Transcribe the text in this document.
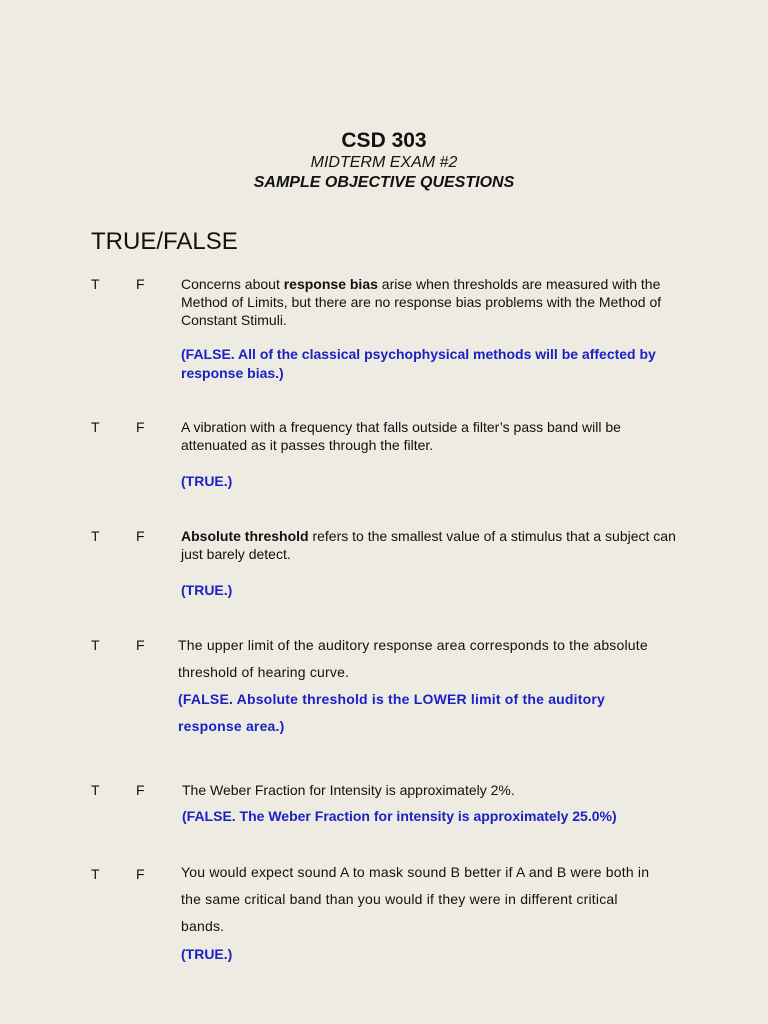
CSD 303
MIDTERM EXAM #2
SAMPLE OBJECTIVE QUESTIONS
TRUE/FALSE
T	F	Concerns about response bias arise when thresholds are measured with the Method of Limits, but there are no response bias problems with the Method of Constant Stimuli.
(FALSE. All of the classical psychophysical methods will be affected by response bias.)
T	F	A vibration with a frequency that falls outside a filter’s pass band will be attenuated as it passes through the filter.
(TRUE.)
T	F	Absolute threshold refers to the smallest value of a stimulus that a subject can just barely detect.
(TRUE.)
T	F The upper limit of the auditory response area corresponds to the absolute threshold of hearing curve.
(FALSE. Absolute threshold is the LOWER limit of the auditory response area.)
T	F	The Weber Fraction for Intensity is approximately 2%.
(FALSE. The Weber Fraction for intensity is approximately 25.0%)
T	F	You would expect sound A to mask sound B better if A and B were both in the same critical band than you would if they were in different critical bands.
(TRUE.)
